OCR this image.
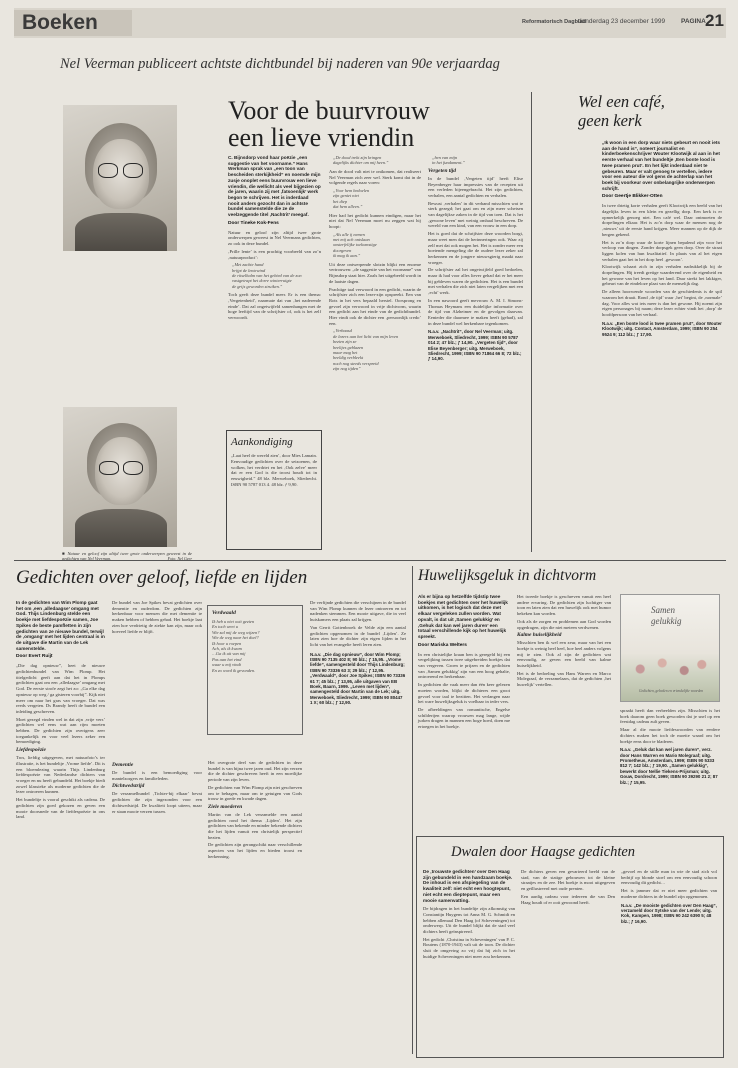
Boeken	Reformatorisch Dagblad
donderdag 23 december 1999 PAGINA 21
Nel Veerman publiceert achtste dichtbundel bij naderen van 90e verjaardag
■ Natuur en geloof zijn altijd twee grote onderwerpen geweest in de gedichten van Nel Veerman.	Foto: Nel Geer
Voor de buurvrouw
een lieve vriendin
C. Bijnsdorp vond haar poëzie „een suggestie van het voorname.” Hans Werkman sprak van „een toon van bescheiden sterkijkheid” en noemde mijn zusje onoplet eens buurvrouw een lieve vriendin, die wellicht als veel bijgezien op de jaren, waarin zij met ‚fatsoenlijk’ werk begon te schrijven. Het is inderdaad nooit anders gezocht dan in achtste bundel samenstelde die ze de veelzeggende titel ‚Nachtrit’ meegaf.
Door Tineke Kok-Fens

Natuur en geloof zijn altijd twee grote onderwerpen geweest in Nel Veermans gedichten, zo ook in deze bundel.

‚Prille lente’ is een prachtig voorbeeld van zo’n ‚natuurproduct’:

„Met zachte hand
brijpt de lentewind
de ritselhalm van het gebied van de zon
vastgetrapt het dorre winterruigte
de grijs geworden struiken.”

Toch geeft deze bundel meer. Er is een thema: ‚Vergetenheid’, naarmate dat van ‚het naderende einde’. Dat zal ongetwijfeld samenhangen met de hoge leeftijd van de schrijfster of, ook is het zelf verwoordt.

Aankondiging
„Laat heel de wereld zien’, door Mies Lamain. Eenvoudige gedichten over de seizoenen, de wolken, het verdriet en het ‚Ook zelve’ meer dat er een God is die troost houdt tot in eeuwigheid.” 48 blz. Merweboek, Sliedrecht. ISBN 90 5787 013 4. 48 blz. ƒ 9,90.
„De dood trekt zijn kringen
dagelijks dichter om mij heen.”

Aan de dood valt niet te ontkomen, dat realiseert Nel Veerman zich zeer wel. Sterk komt dat in de volgende regels naar voren:

„Voor hem bedoelen
zijn geniet niet
het diep
dat hem alleen.”

Hier had het gedicht kunnen eindigen, maar het niet dat Nel Veerman moet nu zeggen wat hij hoopt:

„Als alle ij nemen
met mij ach ontslaan
onsterfelijke toekomstige
doorgeven
ik mag ik aan.”

Uit deze ontwerpende slotzin blijkt een enorme vertrouwen: „de suggestie van het voorname” van Bijnsdorp staat hier. Zoals het uitgebeeld wordt in de laatste dagen.

Prachtige taal verwoord in een gedicht, waarin de schrijfster zich een lezer-zijn opspreekt. Een van Rots in het vers bepaald herstel. Oorsprong en gevoel zijn verwoord in vrije dichtvorm, waarin een gedicht aan het einde van de gedichtbundel. Hier vindt ook de dichter een ‚persoonlijk credo’ een.

„Verbaasd
de lezers aan het licht van mijn leven
bezien zijn ze
beeltjes geblazen
maar mag het
beeldig verbleekt
noch nog steeds verspreid
zijn nog tijden”
„ben van mijn
in het fundament.”
Vergeten tijd

In de bundel ‚Vergeten tijd’ heeft Elise Beyenberger haar impressies van de recepten uit een verleden bijeengebracht. Het zijn gedichten, verhalen, een aantal gedichten en verhalen.

Bewust ‚verhalen’ in dit verband misschien wat te sterk gezegd; het gaat om en zijn meer schetsen van dagelijkse zaken in de tijd van toen. Dat is het ‚gewone leven’ met weinig omhaal beschreven. De wereld van een kind, van een vrouw in een dorp.

Het is goed dat de schrijfster deze woorden borgt, maar weet men dat de herinneringen ook. Waar zij zelf met dat ook mogen het. Het is zonder meer een boeiende mengeling die de oudere lezer zeker zal herkennen en de jongere nieuwsgierig maakt naar vroeger.

De schrijfster zal het ongetwijfeld goed bedoelen, maar ik had voor alles liever gehad dat er het meer bij gebleven waren de gedichten. Het is een bundel met verhalen die zich niet laten vergelijken met een ‚echt’ werk.

In een nawoord geeft mevrouw A. M. I. Simons-Thomas Heymans een duidelijke informatie over de tijd van Alzheimer en de gevolgen daarvan. Eenieder die daarmee te maken heeft (gehad), zal in deze bundel wel herkenbare tegenkomen.

N.a.v. „Nachtrit”, door Nel Veerman; uitg. Merweboek, Sliedrecht, 1999; ISBN 90 5787 014 2; 47 blz.; ƒ 14,90. „Vergeten tijd”, door Elise Beyenberger; uitg. Merweboek, Sliedrecht, 1999; ISBN 90 71864 66 8; 72 blz.; ƒ 14,90.
Wel een café,
geen kerk
„Ik woon in een dorp waar niets gebeurt en nooit iets aan de hand is”, noteert journalist en kinderboekenschrijver Wouter Klootwijk al aan in het eerste verhaal van het bundeltje ‚Een bonte lood is twee pramen prut’. En het lijkt inderdaad niet te gebeuren. Maar er valt genoeg te vertellen, iedere voor een auteur die vol gens de achterlap van het boek bij voorkeur over onbelangrijke onderwerpen schrijft.
Door Geertje Blikker-Otten

In twee drietig korte verhalen geeft Klootwijk een beeld van het dagelijks leven in een klein en gezellig dorp. Een kerk is er opmerkelijk genoeg niet. Een café wel. Daar ontmoeten de dorpelingen elkaar. Het is zo’n dorp waar de mensen nog de ‚nieuws’ uit de eerste hand krijgen. Meer mannen op de dijk de bergen gekend.

Het is zo’n dorp waar de korte lijnen bepalend zijn voor het verloop van dingen. Zonder dorpsgek geen dorp. Over de straat liggen kolen van hun kwalitatief. In plaats van al het eigen verhalen gaat het in het dorp heel ‚gewoon’.

Klootwijk schaart zich in zijn verhalen nadrukkelijk bij de dorpelingen. Hij treedt gretige waarderend over de eigenheid en het gewone van het leven op het land. Daar strekt het lakkiger, gebeurt van de eindeloze plaat van de menselijk dag.

De alleen hoorwende woorden van de geschiedenis is de spil waarom het draait. Rond ‚de tijd’ waar ‚het’ begint, de ‚normale’ dag. Voor alles wat iets meer is dan het gewone. Hij noemt zijn eigen personages bij naam; deze lezer echter vindt het ‚dorp’ de hoofdpersoon van het verhaal.

N.a.v. „Een bonte lood is twee pramen prut”, door Wouter Klootwijk; uitg. Contact, Amsterdam, 1999; ISBN 90 254 9524 9; 112 blz.; ƒ 17,90.
Gedichten over geloof, liefde en lijden
In de gedichten van Wim Plomp gaat het om ‚een ‚alledaagse’ omgang met God. Thijs Lindenburg stelde een boekje met liefdespoëzie samen, Joe Spikes de beste pamfletten in zijn gedichten van ze nieuwe bundel, terwijl de ‚omgang’ met het lijden centraal is in de uitgave die Martin van de Lek samenstelde.
Door Evert Ruijt

„Die dag opnieuw”, heet de nieuwe gedichtenbundel van Wim Plomp. Het titelgedicht geeft aan dat het in Plomps gedichten gaat om een ‚alledaagse’ omgang met God. De eerste strofe zegt het zo: „Ga elke dag opnieuw op weg / ga gisteren voorbij”. Kijk niet meer om naar het gras van vroeger. Dat was reeds vergeten. Ds Brandy heeft de bundel een inleiding geschreven.

Moet gezegd vinden wel in dat zijn ‚vrije vers’ gedichten wel eens wat aan rijm moeten hebben. De gedichten zijn overigens zeer toegankelijk en voor veel lezers zeker een bemoediging.

Liefdespoëzie

Tros, liefdig uitgegeven, met natuurfoto’s ter illustratie, is het bundeltje ‚Vrome liefde’. Dit is een bloemlezing waarin Thijs Lindenburg liefdespoëzie van Nederlandse dichters van vroeger en nu heeft gebundeld. Het boekje biedt zowel klassieke als moderne gedichten die de lezer ontroeren kunnen.

Het bundeltje is vooral geschikt als cadeau. De gedichten zijn goed gekozen en geven een mooie doorsnede van de liefdespoëzie in ons land.

De bundel van Joe Spikes bevat gedichten over dementie en ouderdom. De gedichten zijn herkenbaar voor mensen die met dementie te maken hebben of hebben gehad. Het boekje laat zien hoe verdrietig de ziekte kan zijn, maar ook hoeveel liefde er blijft.

Verdwaald
Ik heb u niet ooit gezien
En toch weet u
Wie zal mij de weg wijzen?
Wie de weg naar het doel?
Ik hoor u roepen
Ach, als ik kwam
…Ga ik uit van mij
Pas aan het eind
waar u mij vindt
En zo word ik gevonden.
Dementie

De bundel is een bemoediging voor mantelzorgers en familieleden.

Dichtwedstrijd

De verzamelbundel ‚Tichter-bij elkaar’ bevat gedichten die zijn ingezonden voor een dichtwedstrijd. De kwaliteit loopt uiteen, maar er staan mooie verzen tussen.

Het overgrote deel van de gedichten in deze bundel is van bijna twee jaren oud. Het zijn verzen die de dichter geschreven heeft in een moeilijke periode van zijn leven.

De gedichten van Wim Plomp zijn niet geschreven om te behagen, maar om te getuigen van Gods trouw in goede en kwade dagen.

Ziele moederen

Martin van de Lek verzamelde een aantal gedichten rond het thema ‚Lijden’. Het zijn gedichten van bekende en minder bekende dichters die het lijden vanuit een christelijk perspectief bezien.

De gedichten zijn gerangschikt naar verschillende aspecten van het lijden en bieden troost en herkenning.

De verfijnde gedichten die verschijnen in de bundel van Wim Plomp kunnen de lezer ontroeren en tot nadenken stemmen. Een mooie uitgave, die in veel huiskamers een plaats zal krijgen.

Van Gerrit Gottenbroek de Velde zijn een aantal gedichten opgenomen in de bundel ‚Lijden’. Ze laten zien hoe de dichter zijn eigen lijden in het licht van het evangelie heeft leren zien.

N.a.v. „Die dag opnieuw”, door Wim Plomp; ISBN 90 7135 402 8; 90 blz.; ƒ 15,95. „Vrome liefde”, samengesteld door Thijs Lindenburg; ISBN 90 73336 63 3; 29 blz.; ƒ 12,95. „Verdwaald”, door Joe Spikes; ISBN 90 73336 61 7; 45 blz.; ƒ 13,95, alle uitgaven van EB Boek, Baarn, 1999. „Leven met lijden”, samengesteld door Martin van de Lek; uitg. Merweboek, Sliedrecht, 1999; ISBN 90 80447 1 X; 60 blz.; ƒ 12,90.
Huwelijksgeluk in dichtvorm
Als er bijna op hetzelfde tijdstip twee boekjes met gedichten over het huwelijk uitkomen, is het logisch dat deze met elkaar vergeleken zullen worden. Wat opvalt, is dat uit ‚Samen gelukkig’ en ‚Gehuk dat kan wel jaren duren’ een totaal verschillende kijk op het huwelijk spreekt.
Door Mariska Welters

In een christelijke kraan ben is geregeld bij een vergelijking tussen twee uitgebreiden boekjes dat van vergeven. Groen te prijzen en de gedichten van ‚Samen gelukkig’ zijn van een hoog gehalte, ontroerend en herkenbaar.

In gedichten die vaak meer dan één keer gelezen moeten worden, blijkt de dichteres een groot gevoel voor taal te bezitten. Het verlangen naar het ware huwelijksgeluk is voelbaar in ieder vers.

De afbeeldingen van romantische, Engelse schilderijen waarop vrouwen mag lange, wijde jurken dragen in mannen een hoge hoed, doen me ertoegen in het boekje.

Het tweede boekje is geschreven vanuit een heel andere ervaring. De gedichten zijn luchtiger van toon en laten zien dat een huwelijk ook met humor bekeken kan worden.

Ook als de zorgen en problemen aan God worden opgedragen, zijn die niet meteen verdwenen.

Kalme huiselijkheid

Misschien ben ik wel een zeur, maar van het een boekje is weinig heel heel, hoe heel anders volgens mij te zien. Ook al zijn de gedichten wat eenvoudig, ze geven een beeld van kalme huiselijkheid.

Het is de bedoeling van Hans Warren en Marco Molegraaf, de verzamelaars, dat de gedichten ‚het huwelijk’ vertellen.

Samen
gelukkig
Gedichten, gebeden en vriendelijke woorden

spraakt heeft dan verbeelden zijn. Misschien is het boek daarom geen boek geworden dat je snel op een feestdag cadeau zult geven.

Maar al die mooie liefdeswoorden van eerdere dichters maken het toch de moeite waard om het boekje eens door te bladeren.

N.a.v. „Geluk dat kan wel jaren duren”, verz. door Hans Warren en Mario Molegraaf; uitg. Prometheus, Amsterdam, 1999; ISBN 90 5333 812 7; 142 blz.; ƒ 19,90. „Samen gelukkig”, bewerkt door Nellie Tiekens-Prijsman; uitg. Gouw, Dordrecht, 1999; ISBN 90 39290 21 2; 87 blz.; ƒ 15,95.
Dwalen door Haagse gedichten
De ‚trouwste gedichten’ over Den Haag zijn gebundeld in een handzaam boekje. De inhoud is een afspiegeling van de kwaliteit zelf: niet echt een hoogtepunt, niet echt een dieptepunt, maar een mooie samenvatting.

De bijdragen in het bundeltje zijn afkomstig van Constantijn Huygens tot Anna M. G. Schmidt en hebben allemaal Den Haag (of Scheveningen) tot onderwerp. Uit de bundel blijkt dat de stad veel dichters heeft geïnspireerd.

Het gedicht ‚Christina in Scheveningen’ van P. C. Boutens (1870-1943) valt uit de toon. De dichter sluit de omgeving zo vrij dat hij zich in het huidige Scheveningen niet meer zou herkennen.

De dichters geven een gevarieerd beeld van de stad, van de statige gebouwen tot de kleine straatjes en de zee. Het boekje is mooi uitgegeven en geïllustreerd met oude prenten.

Een aardig cadeau voor iedereen die van Den Haag houdt of er ooit gewoond heeft.

„gevoel en de stille man in wie de stad zich vol bedrijf op blonde stoel om een eenvoudig schoon eenvoudig dit gedicht…

Het is jammer dat er niet meer gedichten van moderne dichters in de bundel zijn opgenomen.

N.a.v. „De mooiste gedichten over Den Haag”, verzameld door Sytske van der Lende; uitg. Kok, Kampen, 1998; ISBN 90 242 6390 5; 48 blz.; ƒ 16,90.
